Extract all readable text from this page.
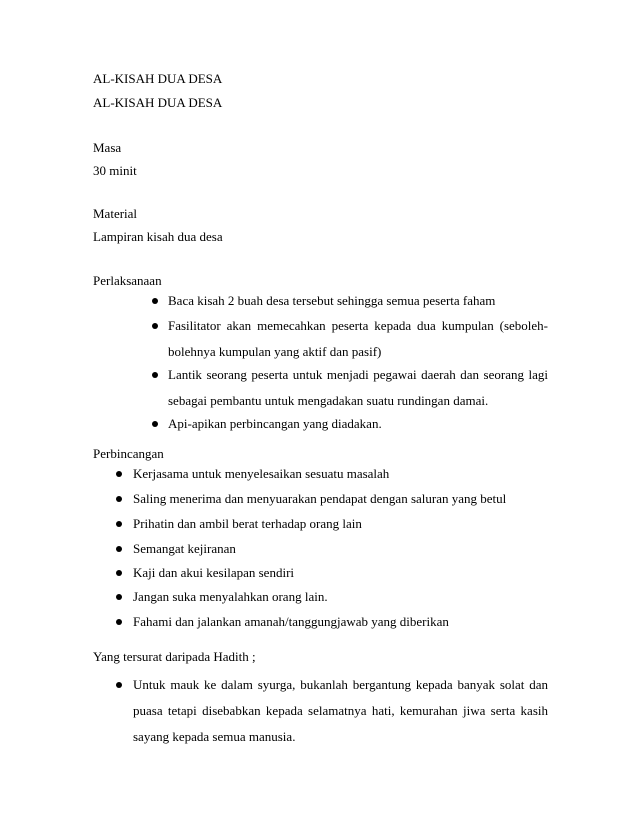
AL-KISAH DUA DESA
AL-KISAH DUA DESA
Masa
30 minit
Material
Lampiran kisah dua desa
Perlaksanaan
Baca kisah 2 buah desa tersebut sehingga semua peserta faham
Fasilitator akan memecahkan peserta kepada dua kumpulan (seboleh-bolehnya kumpulan yang aktif dan pasif)
Lantik seorang peserta untuk menjadi pegawai daerah dan seorang lagi sebagai pembantu untuk mengadakan suatu rundingan damai.
Api-apikan perbincangan yang diadakan.
Perbincangan
Kerjasama untuk menyelesaikan sesuatu masalah
Saling menerima dan menyuarakan pendapat dengan saluran yang betul
Prihatin dan ambil berat terhadap orang lain
Semangat kejiranan
Kaji dan akui kesilapan sendiri
Jangan suka menyalahkan orang lain.
Fahami dan jalankan amanah/tanggungjawab yang diberikan
Yang tersurat daripada Hadith ;
Untuk mauk ke dalam syurga, bukanlah bergantung kepada banyak solat dan puasa tetapi disebabkan kepada selamatnya hati, kemurahan jiwa serta kasih sayang kepada semua manusia.
